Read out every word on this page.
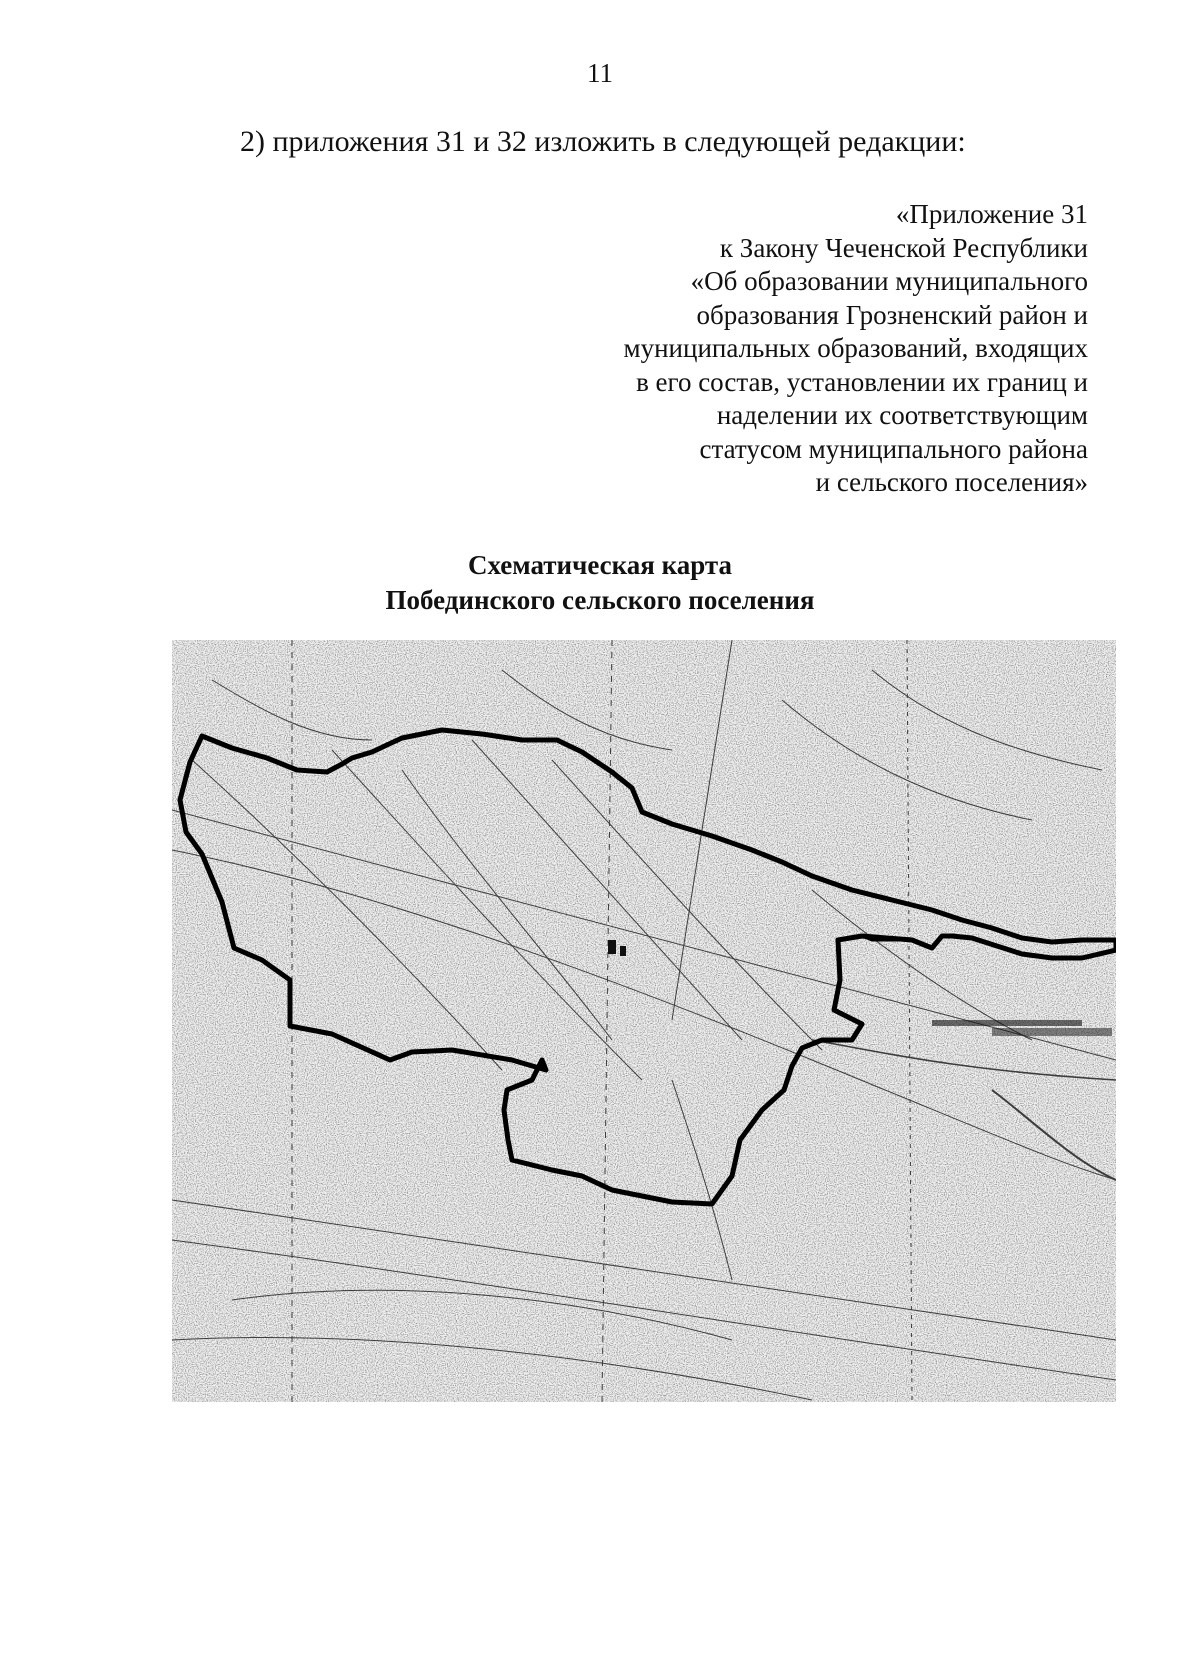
11
2) приложения 31 и 32 изложить в следующей редакции:
«Приложение 31
к Закону Чеченской Республики
«Об образовании муниципального
образования Грозненский район и
муниципальных образований, входящих
в его состав, установлении их границ и
наделении их соответствующим
статусом муниципального района
и сельского поселения»
Схематическая карта
Побединского сельского поселения
